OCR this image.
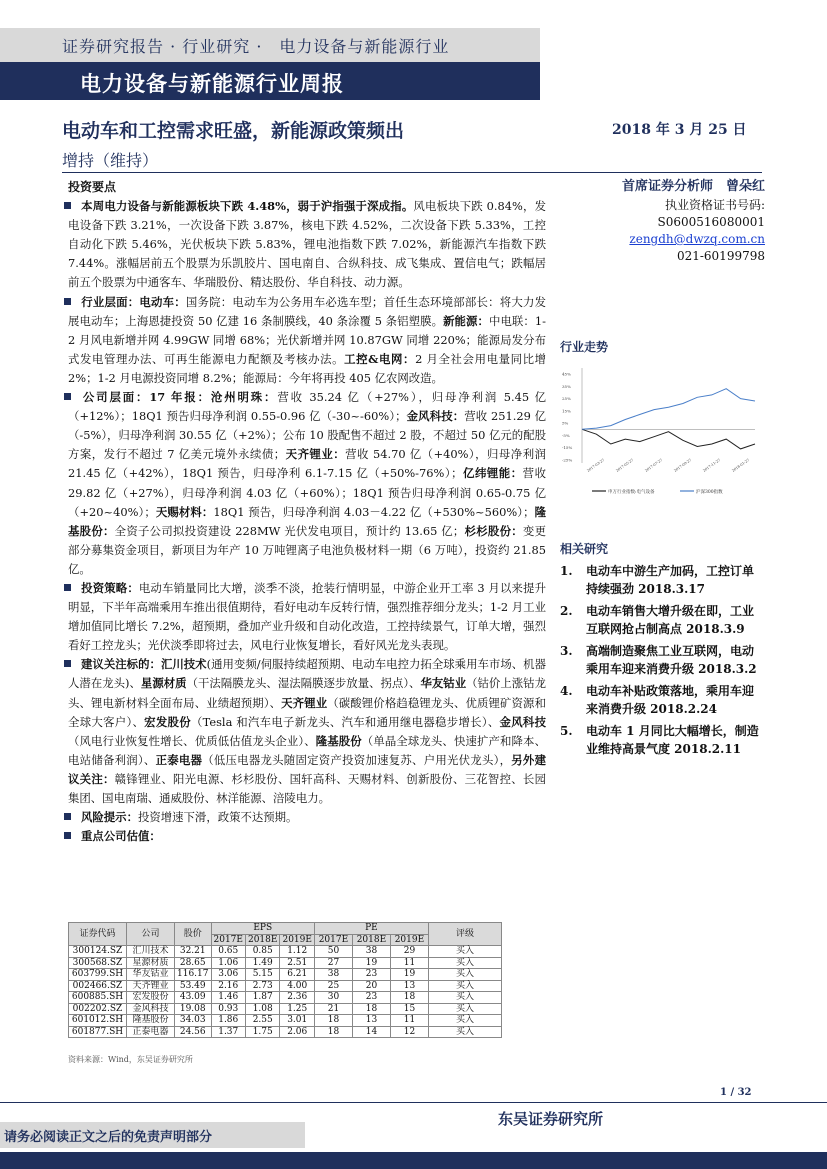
证券研究报告 · 行业研究 ·　电力设备与新能源行业
电力设备与新能源行业周报
电动车和工控需求旺盛，新能源政策频出	2018 年 3 月 25 日
增持（维持）
投资要点

本周电力设备与新能源板块下跌 4.48%，弱于沪指强于深成指。风电板块下跌 0.84%，发电设备下跌 3.21%，一次设备下跌 3.87%，核电下跌 4.52%，二次设备下跌 5.33%，工控自动化下跌 5.46%，光伏板块下跌 5.83%，锂电池指数下跌 7.02%，新能源汽车指数下跌 7.44%。涨幅居前五个股票为乐凯胶片、国电南自、合纵科技、成飞集成、置信电气；跌幅居前五个股票为中通客车、华瑞股份、精达股份、华自科技、动力源。

行业层面：电动车：国务院：电动车为公务用车必选车型；首任生态环境部部长：将大力发展电动车；上海恩捷投资 50 亿建 16 条制膜线，40 条涂覆 5 条铝塑膜。新能源：中电联：1-2 月风电新增并网 4.99GW 同增 68%；光伏新增并网 10.87GW 同增 220%；能源局发分布式发电管理办法、可再生能源电力配额及考核办法。工控&电网：2 月全社会用电量同比增 2%；1-2 月电源投资同增 8.2%；能源局：今年将再投 405 亿农网改造。

公司层面：17 年报：沧州明珠：营收 35.24 亿（+27%），归母净利润 5.45 亿（+12%）；18Q1 预告归母净利润 0.55-0.96 亿（-30~-60%）；金风科技：营收 251.29 亿（-5%），归母净利润 30.55 亿（+2%）；公布 10 股配售不超过 2 股，不超过 50 亿元的配股方案，发行不超过 7 亿美元境外永续债；天齐锂业：营收 54.70 亿（+40%），归母净利润 21.45 亿（+42%），18Q1 预告，归母净利 6.1-7.15 亿（+50%-76%）；亿纬锂能：营收 29.82 亿（+27%），归母净利润 4.03 亿（+60%）；18Q1 预告归母净利润 0.65-0.75 亿（+20~40%）；天赐材料：18Q1 预告，归母净利润 4.03－4.22 亿（+530%~560%）；隆基股份：全资子公司拟投资建设 228MW 光伏发电项目，预计约 13.65 亿；杉杉股份：变更部分募集资金项目，新项目为年产 10 万吨锂离子电池负极材料一期（6 万吨），投资约 21.85 亿。

投资策略：电动车销量同比大增，淡季不淡，抢装行情明显，中游企业开工率 3 月以来提升明显，下半年高端乘用车推出很值期待，看好电动车反转行情，强烈推荐细分龙头；1-2 月工业增加值同比增长 7.2%，超预期，叠加产业升级和自动化改造，工控持续景气，订单大增，强烈看好工控龙头；光伏淡季即将过去，风电行业恢复增长，看好风光龙头表现。

建议关注标的：汇川技术(通用变频/伺服持续超预期、电动车电控力拓全球乘用车市场、机器人潜在龙头)、星源材质（干法隔膜龙头、湿法隔膜逐步放量、拐点）、华友钴业（钴价上涨钴龙头、锂电新材料全面布局、业绩超预期）、天齐锂业（碳酸锂价格趋稳锂龙头、优质锂矿资源和全球大客户）、宏发股份（Tesla 和汽车电子新龙头、汽车和通用继电器稳步增长）、金风科技（风电行业恢复性增长、优质低估值龙头企业）、隆基股份（单晶全球龙头、快速扩产和降本、电站储备利润）、正泰电器（低压电器龙头随固定资产投资加速复苏、户用光伏龙头），另外建议关注：赣锋锂业、阳光电源、杉杉股份、国轩高科、天赐材料、创新股份、三花智控、长园集团、国电南瑞、通威股份、林洋能源、涪陵电力。

风险提示：投资增速下滑，政策不达预期。

重点公司估值：

首席证券分析师　曾朵红
执业资格证书号码:
S0600516080001
zengdh@dwzq.com.cn
021-60199798
行业走势
45%
35%
25%
15%
5%
-5%
-15%
-25%	2017-03-27	2017-05-27	2017-07-27	2017-09-27	2017-11-27	2018-01-27
申万行业指数:电气设备	沪深300指数
相关研究
1. 电动车中游生产加码，工控订单持续强劲 2018.3.17
2. 电动车销售大增升级在即，工业互联网抢占制高点 2018.3.9
3. 高端制造聚焦工业互联网，电动乘用车迎来消费升级 2018.3.2
4. 电动车补贴政策落地，乘用车迎来消费升级 2018.2.24
5. 电动车 1 月同比大幅增长，制造业维持高景气度 2018.2.11
证券代码	公司	股价	EPS			PE			评级
			2017E	2018E	2019E	2017E	2018E	2019E	
300124.SZ	汇川技术	32.21	0.65	0.85	1.12	50	38	29	买入
300568.SZ	星源材质	28.65	1.06	1.49	2.51	27	19	11	买入
603799.SH	华友钴业	116.17	3.06	5.15	6.21	38	23	19	买入
002466.SZ	天齐锂业	53.49	2.16	2.73	4.00	25	20	13	买入
600885.SH	宏发股份	43.09	1.46	1.87	2.36	30	23	18	买入
002202.SZ	金风科技	19.08	0.93	1.08	1.25	21	18	15	买入
601012.SH	隆基股份	34.03	1.86	2.55	3.01	18	13	11	买入
601877.SH	正泰电器	24.56	1.37	1.75	2.06	18	14	12	买入
资料来源：Wind，东吴证券研究所
1 / 32
请务必阅读正文之后的免责声明部分
东吴证券研究所
